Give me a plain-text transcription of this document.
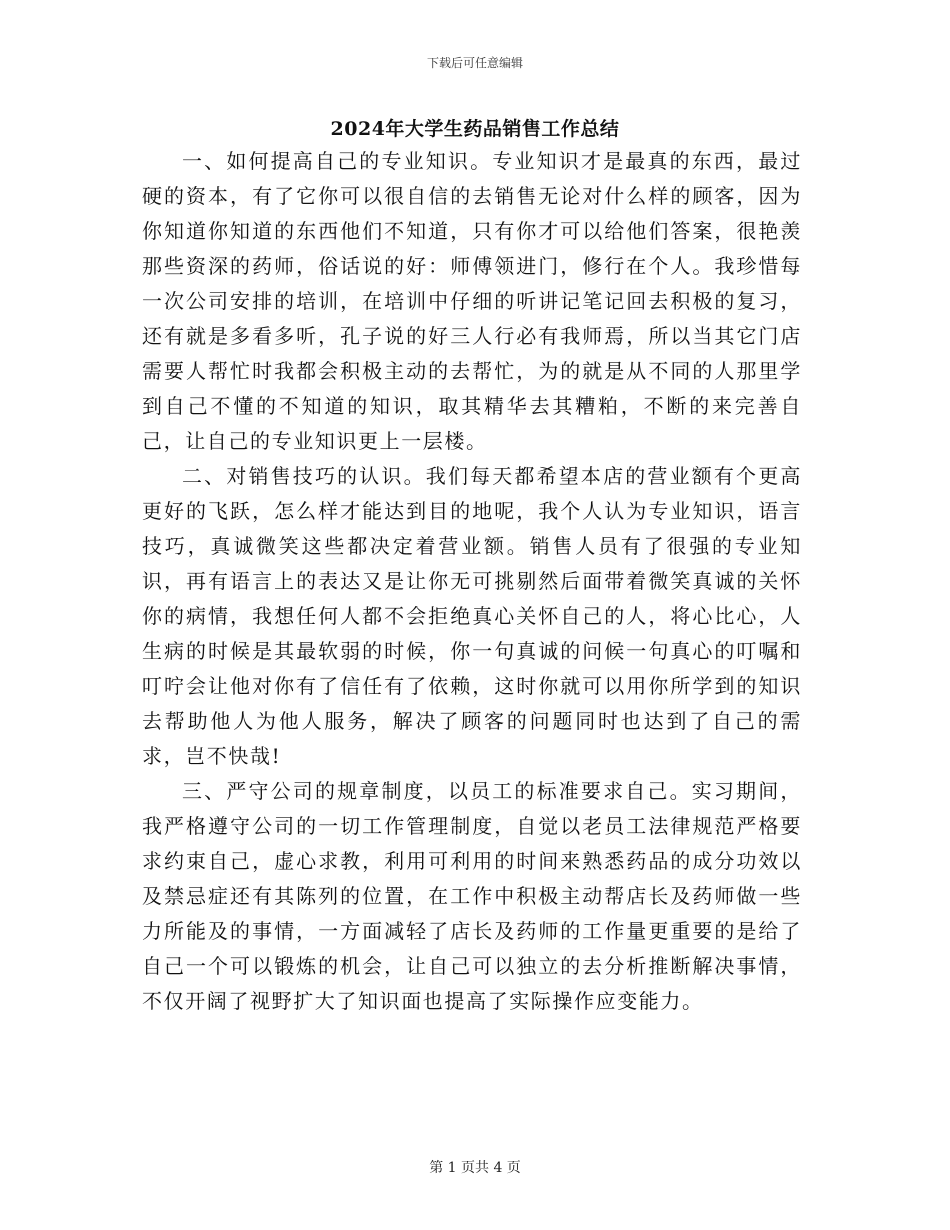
下载后可任意编辑
2024年大学生药品销售工作总结

一、如何提高自己的专业知识。专业知识才是最真的东西，最过硬的资本，有了它你可以很自信的去销售无论对什么样的顾客，因为你知道你知道的东西他们不知道，只有你才可以给他们答案，很艳羡那些资深的药师，俗话说的好：师傅领进门，修行在个人。我珍惜每一次公司安排的培训，在培训中仔细的听讲记笔记回去积极的复习，还有就是多看多听，孔子说的好三人行必有我师焉，所以当其它门店需要人帮忙时我都会积极主动的去帮忙，为的就是从不同的人那里学到自己不懂的不知道的知识，取其精华去其糟粕，不断的来完善自己，让自己的专业知识更上一层楼。

二、对销售技巧的认识。我们每天都希望本店的营业额有个更高更好的飞跃，怎么样才能达到目的地呢，我个人认为专业知识，语言技巧，真诚微笑这些都决定着营业额。销售人员有了很强的专业知识，再有语言上的表达又是让你无可挑剔然后面带着微笑真诚的关怀你的病情，我想任何人都不会拒绝真心关怀自己的人，将心比心，人生病的时候是其最软弱的时候，你一句真诚的问候一句真心的叮嘱和叮咛会让他对你有了信任有了依赖，这时你就可以用你所学到的知识去帮助他人为他人服务，解决了顾客的问题同时也达到了自己的需求，岂不快哉!

三、严守公司的规章制度，以员工的标准要求自己。实习期间，我严格遵守公司的一切工作管理制度，自觉以老员工法律规范严格要求约束自己，虚心求教，利用可利用的时间来熟悉药品的成分功效以及禁忌症还有其陈列的位置，在工作中积极主动帮店长及药师做一些力所能及的事情，一方面减轻了店长及药师的工作量更重要的是给了自己一个可以锻炼的机会，让自己可以独立的去分析推断解决事情，不仅开阔了视野扩大了知识面也提高了实际操作应变能力。

第 1 页共 4 页
